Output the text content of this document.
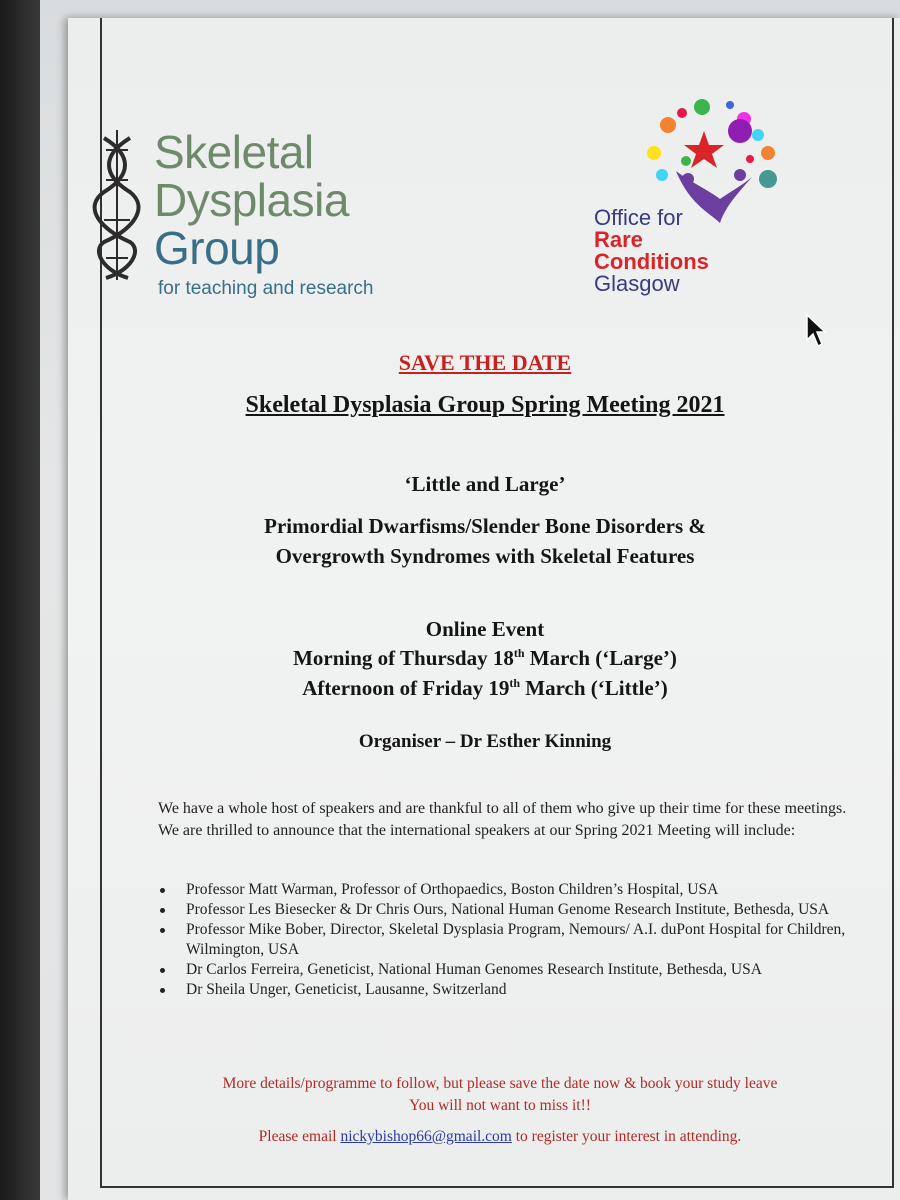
Skeletal
Dysplasia
Group
for teaching and research
Office for
Rare
Conditions
Glasgow
SAVE THE DATE
Skeletal Dysplasia Group Spring Meeting 2021
‘Little and Large’
Primordial Dwarfisms/Slender Bone Disorders &
Overgrowth Syndromes with Skeletal Features
Online Event
Morning of Thursday 18th March (‘Large’)
Afternoon of Friday 19th March (‘Little’)
Organiser – Dr Esther Kinning
We have a whole host of speakers and are thankful to all of them who give up their time for these meetings. We are thrilled to announce that the international speakers at our Spring 2021 Meeting will include:
Professor Matt Warman, Professor of Orthopaedics, Boston Children’s Hospital, USA
Professor Les Biesecker & Dr Chris Ours, National Human Genome Research Institute, Bethesda, USA
Professor Mike Bober, Director, Skeletal Dysplasia Program, Nemours/ A.I. duPont Hospital for Children, Wilmington, USA
Dr Carlos Ferreira, Geneticist, National Human Genomes Research Institute, Bethesda, USA
Dr Sheila Unger, Geneticist, Lausanne, Switzerland
More details/programme to follow, but please save the date now & book your study leave
You will not want to miss it!!
Please email nickybishop66@gmail.com to register your interest in attending.
